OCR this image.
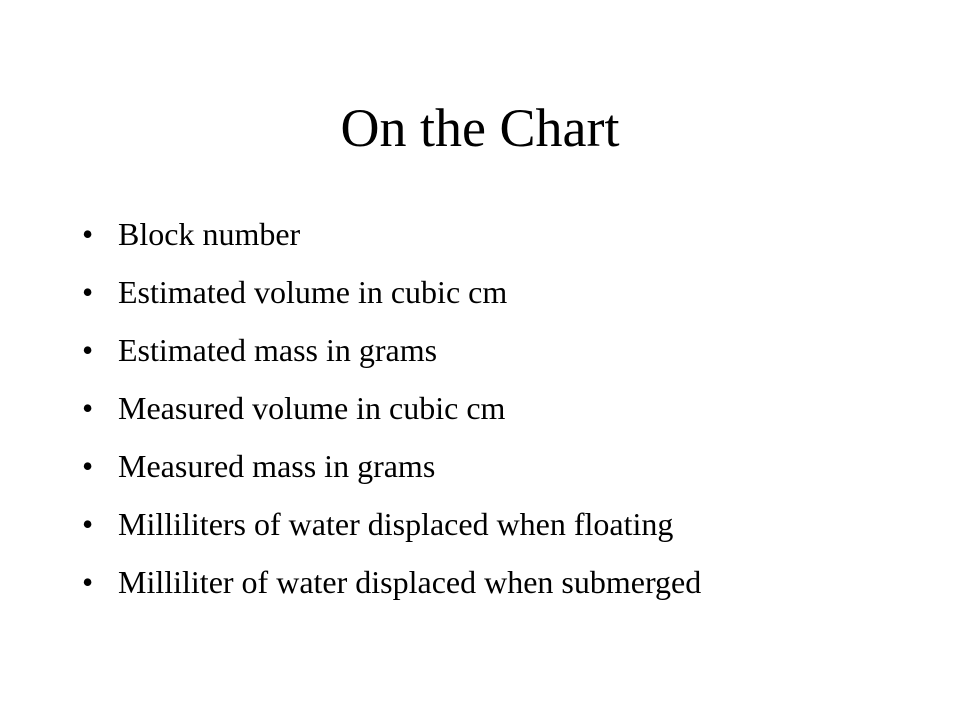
On the Chart
• Block number
• Estimated volume in cubic cm
• Estimated mass in grams
• Measured volume in cubic cm
• Measured mass in grams
• Milliliters of water displaced when floating
• Milliliter of water displaced when submerged
